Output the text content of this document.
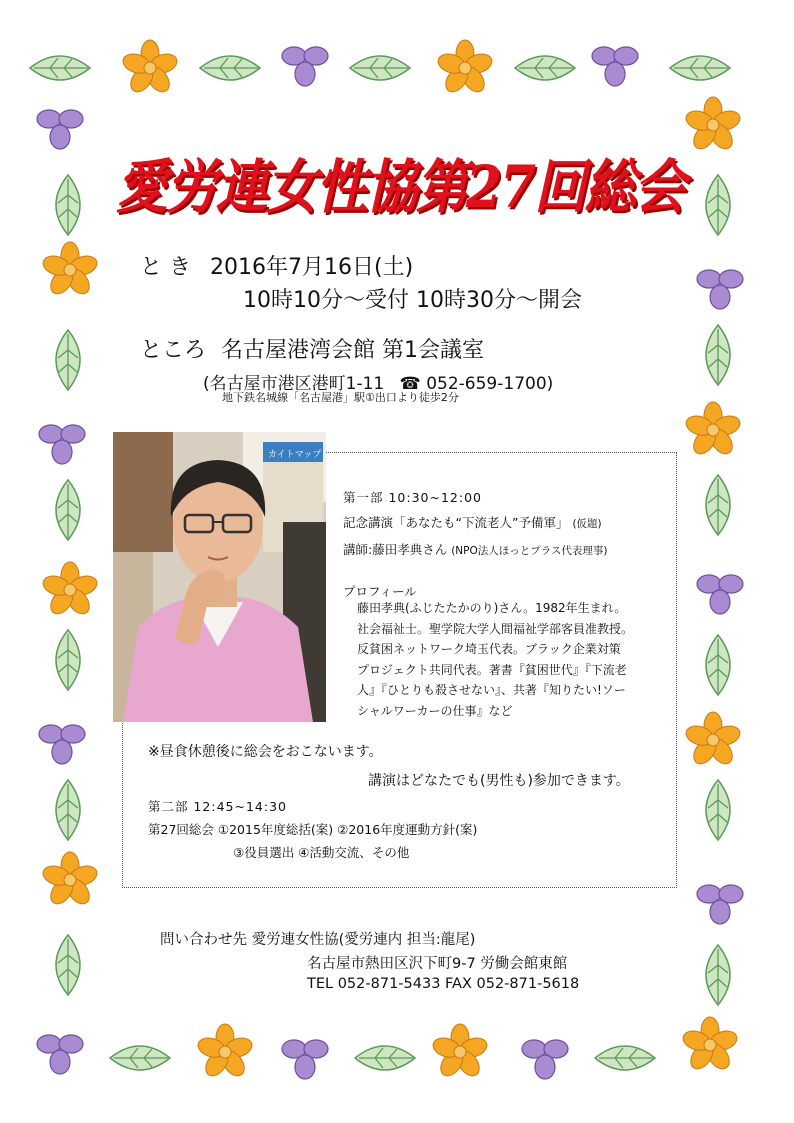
愛労連女性協第27回総会
と き 2016年7月16日(土)
10時10分～受付 10時30分～開会
ところ 名古屋港湾会館 第1会議室
(名古屋市港区港町1-11 ☎ 052-659-1700)
地下鉄名城線「名古屋港」駅①出口より徒歩2分
カイトマップ
第一部 10:30~12:00
記念講演「あなたも“下流老人”予備軍」 (仮題)
講師:藤田孝典さん (NPO法人ほっとプラス代表理事)
プロフィール
藤田孝典(ふじたたかのり)さん。1982年生まれ。
社会福祉士。聖学院大学人間福祉学部客員准教授。
反貧困ネットワーク埼玉代表。ブラック企業対策
プロジェクト共同代表。著書『貧困世代』『下流老
人』『ひとりも殺させない』、共著『知りたい!ソー
シャルワーカーの仕事』など
※昼食休憩後に総会をおこないます。
講演はどなたでも(男性も)参加できます。
第二部 12:45~14:30
第27回総会 ①2015年度総括(案) ②2016年度運動方針(案)
③役員選出 ④活動交流、その他
問い合わせ先 愛労連女性協(愛労連内 担当:龍尾)
名古屋市熱田区沢下町9-7 労働会館東館
TEL 052-871-5433 FAX 052-871-5618
